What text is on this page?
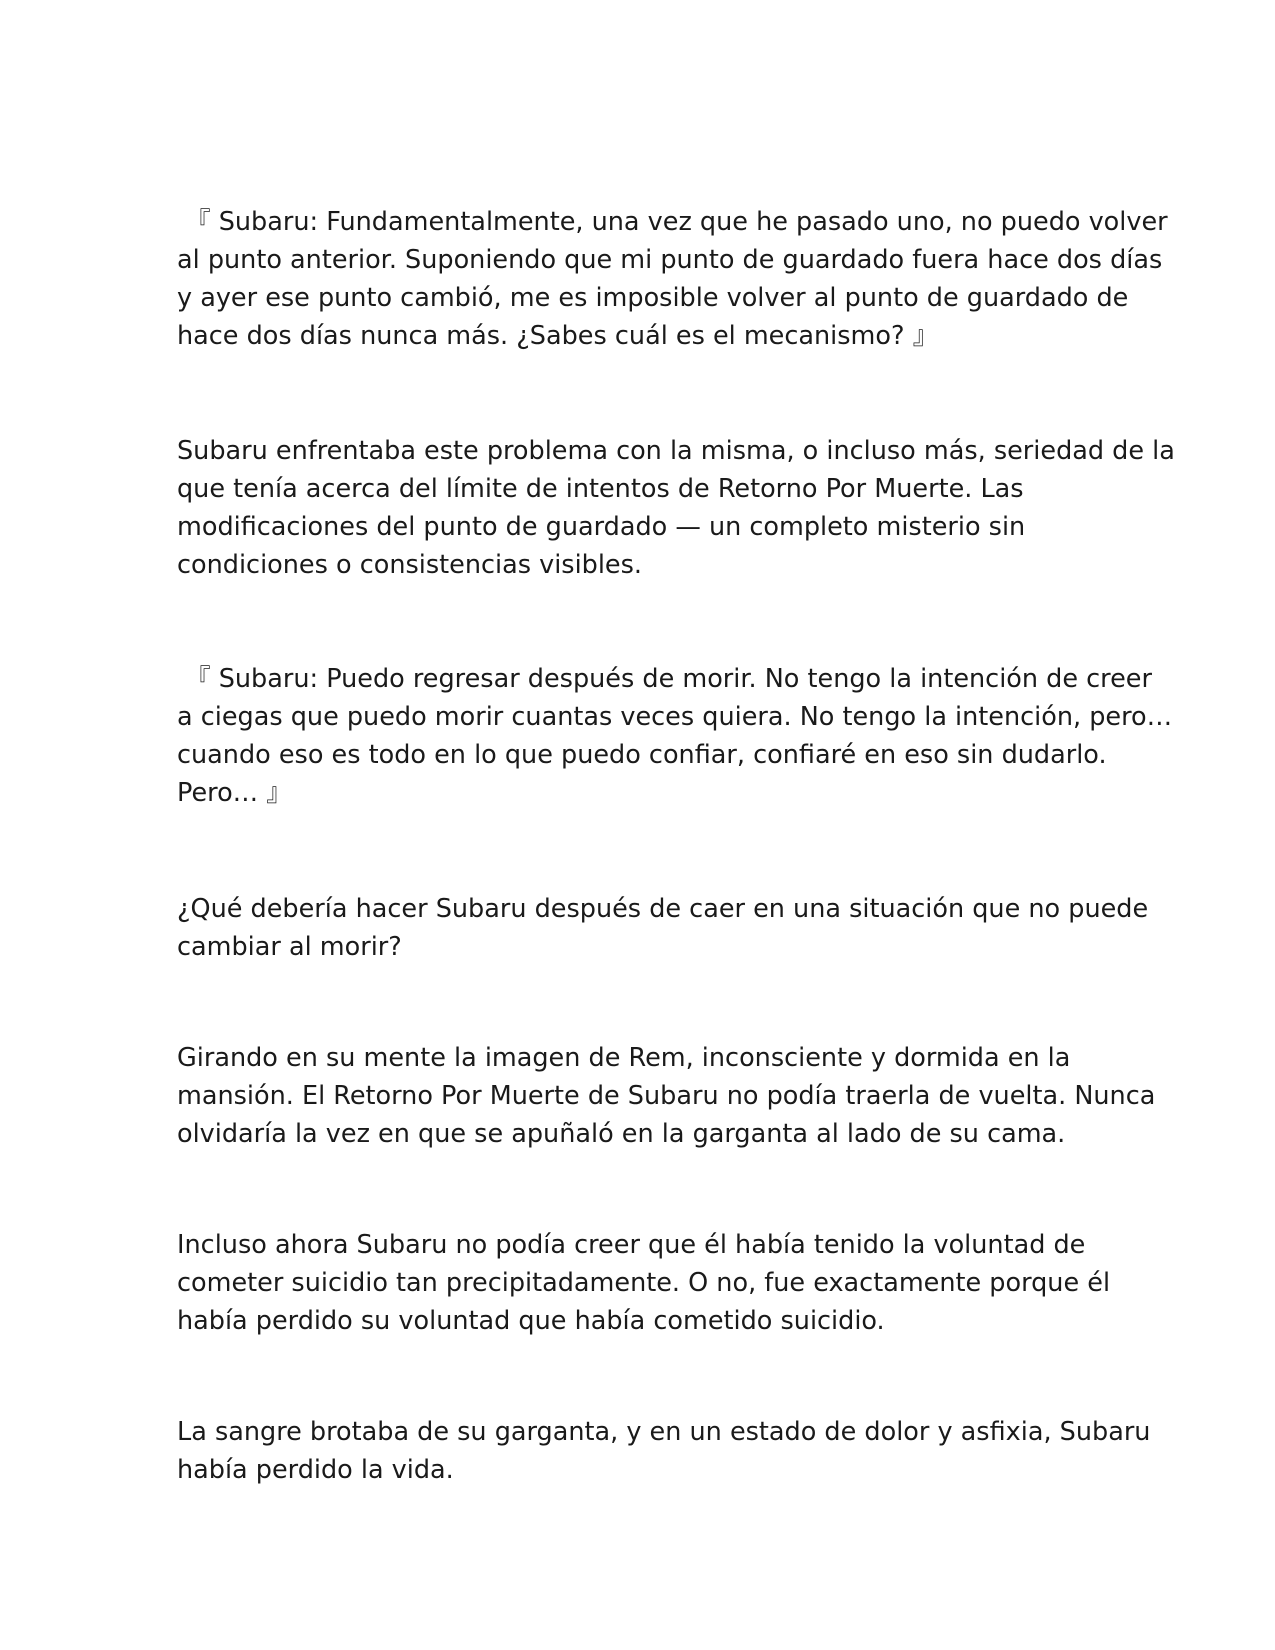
『 Subaru: Fundamentalmente, una vez que he pasado uno, no puedo volver
al punto anterior. Suponiendo que mi punto de guardado fuera hace dos días
y ayer ese punto cambió, me es imposible volver al punto de guardado de
hace dos días nunca más. ¿Sabes cuál es el mecanismo? 』

Subaru enfrentaba este problema con la misma, o incluso más, seriedad de la
que tenía acerca del límite de intentos de Retorno Por Muerte. Las
modificaciones del punto de guardado — un completo misterio sin
condiciones o consistencias visibles.

『 Subaru: Puedo regresar después de morir. No tengo la intención de creer
a ciegas que puedo morir cuantas veces quiera. No tengo la intención, pero…
cuando eso es todo en lo que puedo confiar, confiaré en eso sin dudarlo.
Pero… 』

¿Qué debería hacer Subaru después de caer en una situación que no puede
cambiar al morir?

Girando en su mente la imagen de Rem, inconsciente y dormida en la
mansión. El Retorno Por Muerte de Subaru no podía traerla de vuelta. Nunca
olvidaría la vez en que se apuñaló en la garganta al lado de su cama.

Incluso ahora Subaru no podía creer que él había tenido la voluntad de
cometer suicidio tan precipitadamente. O no, fue exactamente porque él
había perdido su voluntad que había cometido suicidio.

La sangre brotaba de su garganta, y en un estado de dolor y asfixia, Subaru
había perdido la vida.
